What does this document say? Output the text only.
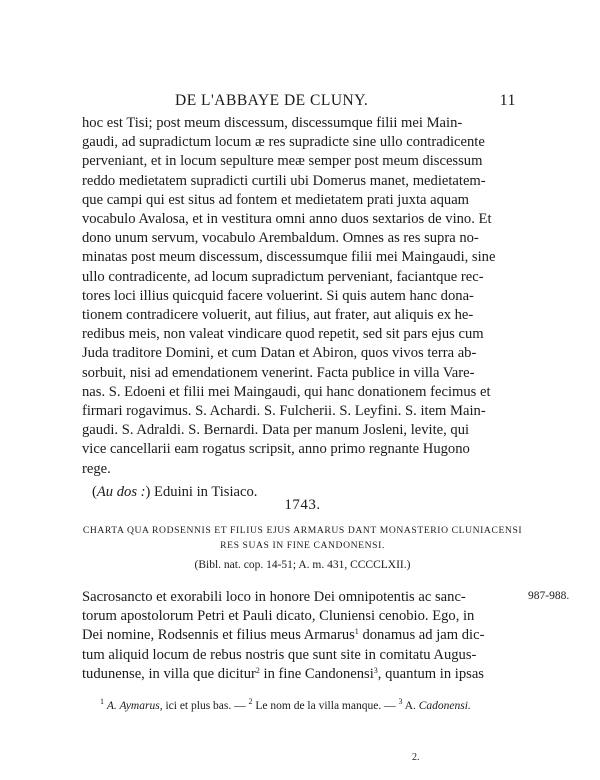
DE L'ABBAYE DE CLUNY.	11

hoc est Tisi; post meum discessum, discessumque filii mei Main-

gaudi, ad supradictum locum æ res supradicte sine ullo contradicente

perveniant, et in locum sepulture meæ semper post meum discessum

reddo medietatem supradicti curtili ubi Domerus manet, medietatem-

que campi qui est situs ad fontem et medietatem prati juxta aquam

vocabulo Avalosa, et in vestitura omni anno duos sextarios de vino. Et

dono unum servum, vocabulo Arembaldum. Omnes as res supra no-

minatas post meum discessum, discessumque filii mei Maingaudi, sine

ullo contradicente, ad locum supradictum perveniant, faciantque rec-

tores loci illius quicquid facere voluerint. Si quis autem hanc dona-

tionem contradicere voluerit, aut filius, aut frater, aut aliquis ex he-

redibus meis, non valeat vindicare quod repetit, sed sit pars ejus cum

Juda traditore Domini, et cum Datan et Abiron, quos vivos terra ab-

sorbuit, nisi ad emendationem venerint. Facta publice in villa Vare-

nas. S. Edoeni et filii mei Maingaudi, qui hanc donationem fecimus et

firmari rogavimus. S. Achardi. S. Fulcherii. S. Leyfini. S. item Main-

gaudi. S. Adraldi. S. Bernardi. Data per manum Josleni, levite, qui

vice cancellarii eam rogatus scripsit, anno primo regnante Hugono

rege.

(Au dos :) Eduini in Tisiaco.

1743.
CHARTA QUA RODSENNIS ET FILIUS EJUS ARMARUS DANT MONASTERIO CLUNIACENSI
RES SUAS IN FINE CANDONENSI.
(Bibl. nat. cop. 14-51; A. m. 431, CCCCLXII.)
987-988.

Sacrosancto et exorabili loco in honore Dei omnipotentis ac sanc-

torum apostolorum Petri et Pauli dicato, Cluniensi cenobio. Ego, in

Dei nomine, Rodsennis et filius meus Armarus$^1$ donamus ad jam dic-

tum aliquid locum de rebus nostris que sunt site in comitatu Augus-

tudunense, in villa que dicitur$^2$ in fine Candonensi$^3$, quantum in ipsas

$^1$ A. Aymarus, ici et plus bas. — $^2$ Le nom de la villa manque. — $^3$ A. Cadonensi.
2.
